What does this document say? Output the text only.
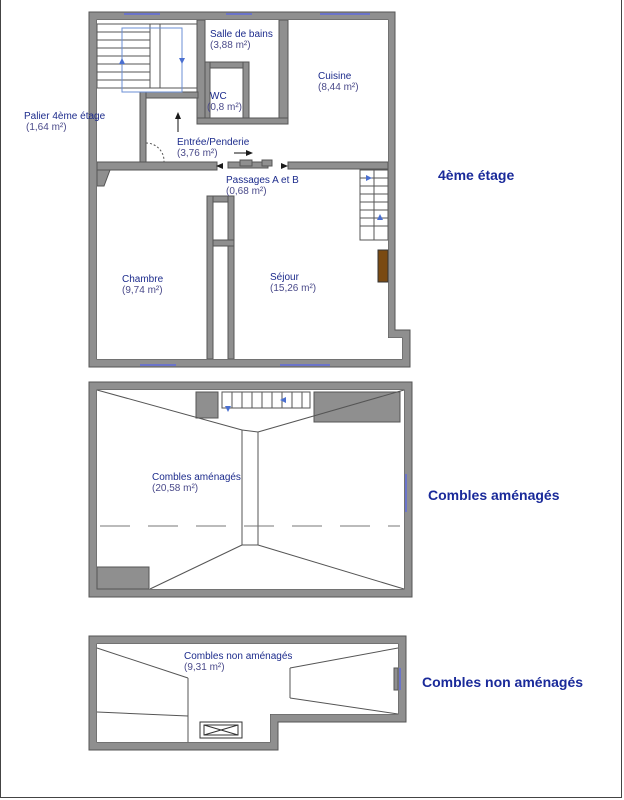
Salle de bains
(3,88 m²)
Cuisine
(8,44 m²)
WC
(0,8 m²)
Palier 4ème étage
(1,64 m²)
Entrée/Penderie
(3,76 m²)
Passages A et B
(0,68 m²)
Chambre
(9,74 m²)
Séjour
(15,26 m²)
4ème étage
Combles aménagés
(20,58 m²)	Combles aménagés
Combles non aménagés
(9,31 m²)
Combles non aménagés
